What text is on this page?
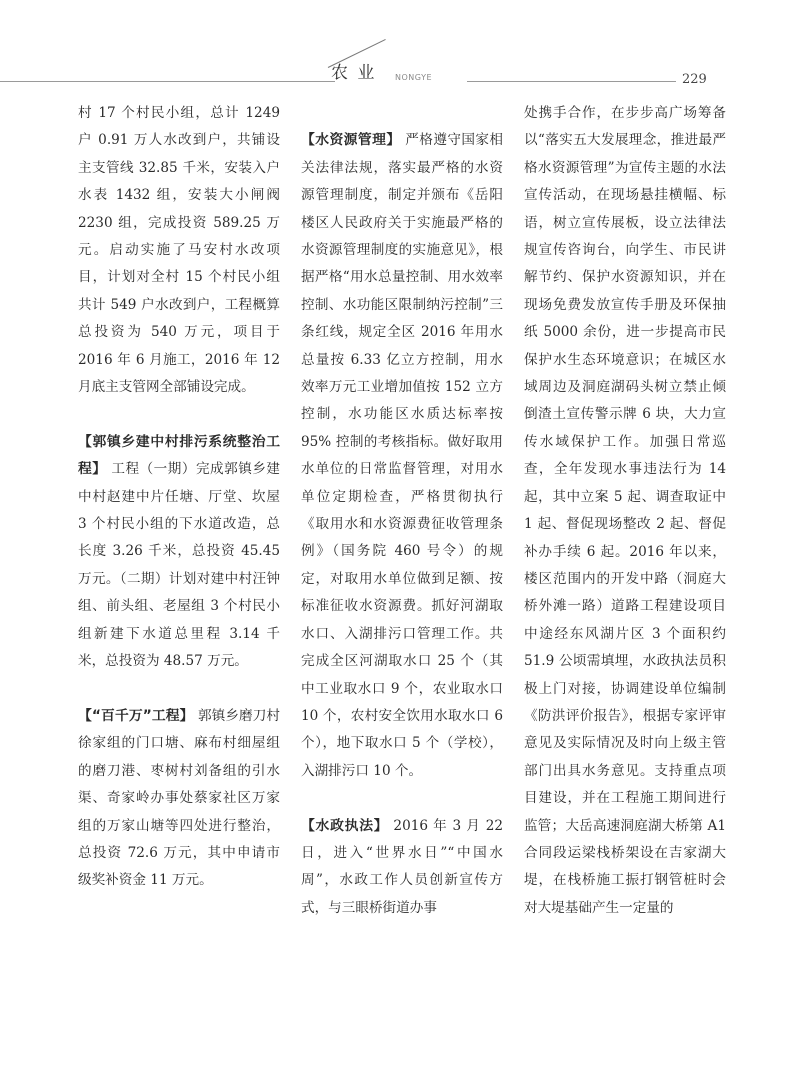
农 业 NONGYE	229

村 17 个村民小组，总计 1249 户 0.91 万人水改到户，共铺设主支管线 32.85 千米，安装入户水表 1432 组，安装大小闸阀 2230 组，完成投资 589.25 万元。启动实施了马安村水改项目，计划对全村 15 个村民小组共计 549 户水改到户，工程概算总投资为 540 万元，项目于 2016 年 6 月施工，2016 年 12 月底主支管网全部铺设完成。

【郭镇乡建中村排污系统整治工程】 工程（一期）完成郭镇乡建中村赵建中片任塘、厅堂、坎屋 3 个村民小组的下水道改造，总长度 3.26 千米，总投资 45.45 万元。（二期）计划对建中村汪钟组、前头组、老屋组 3 个村民小组新建下水道总里程 3.14 千米，总投资为 48.57 万元。

【“百千万”工程】 郭镇乡磨刀村徐家组的门口塘、麻布村细屋组的磨刀港、枣树村刘备组的引水渠、奇家岭办事处蔡家社区万家组的万家山塘等四处进行整治，总投资 72.6 万元，其中申请市级奖补资金 11 万元。

【水资源管理】 严格遵守国家相关法律法规，落实最严格的水资源管理制度，制定并颁布《岳阳楼区人民政府关于实施最严格的水资源管理制度的实施意见》，根据严格“用水总量控制、用水效率控制、水功能区限制纳污控制”三条红线，规定全区 2016 年用水总量按 6.33 亿立方控制，用水效率万元工业增加值按 152 立方控制，水功能区水质达标率按 95% 控制的考核指标。做好取用水单位的日常监督管理，对用水单位定期检查，严格贯彻执行《取用水和水资源费征收管理条例》（国务院 460 号令）的规定，对取用水单位做到足额、按标准征收水资源费。抓好河湖取水口、入湖排污口管理工作。共完成全区河湖取水口 25 个（其中工业取水口 9 个，农业取水口 10 个，农村安全饮用水取水口 6 个），地下取水口 5 个（学校），入湖排污口 10 个。

【水政执法】 2016 年 3 月 22 日，进入“世界水日”“中国水周”，水政工作人员创新宣传方式，与三眼桥街道办事

处携手合作，在步步高广场筹备以“落实五大发展理念，推进最严格水资源管理”为宣传主题的水法宣传活动，在现场悬挂横幅、标语，树立宣传展板，设立法律法规宣传咨询台，向学生、市民讲解节约、保护水资源知识，并在现场免费发放宣传手册及环保抽纸 5000 余份，进一步提高市民保护水生态环境意识；在城区水域周边及洞庭湖码头树立禁止倾倒渣土宣传警示牌 6 块，大力宣传水域保护工作。加强日常巡查，全年发现水事违法行为 14 起，其中立案 5 起、调查取证中 1 起、督促现场整改 2 起、督促补办手续 6 起。2016 年以来，楼区范围内的开发中路（洞庭大桥外滩一路）道路工程建设项目中途经东风湖片区 3 个面积约 51.9 公顷需填埋，水政执法员积极上门对接，协调建设单位编制《防洪评价报告》，根据专家评审意见及实际情况及时向上级主管部门出具水务意见。支持重点项目建设，并在工程施工期间进行监管；大岳高速洞庭湖大桥第 A1 合同段运梁栈桥架设在吉家湖大堤，在栈桥施工振打钢管桩时会对大堤基础产生一定量的
